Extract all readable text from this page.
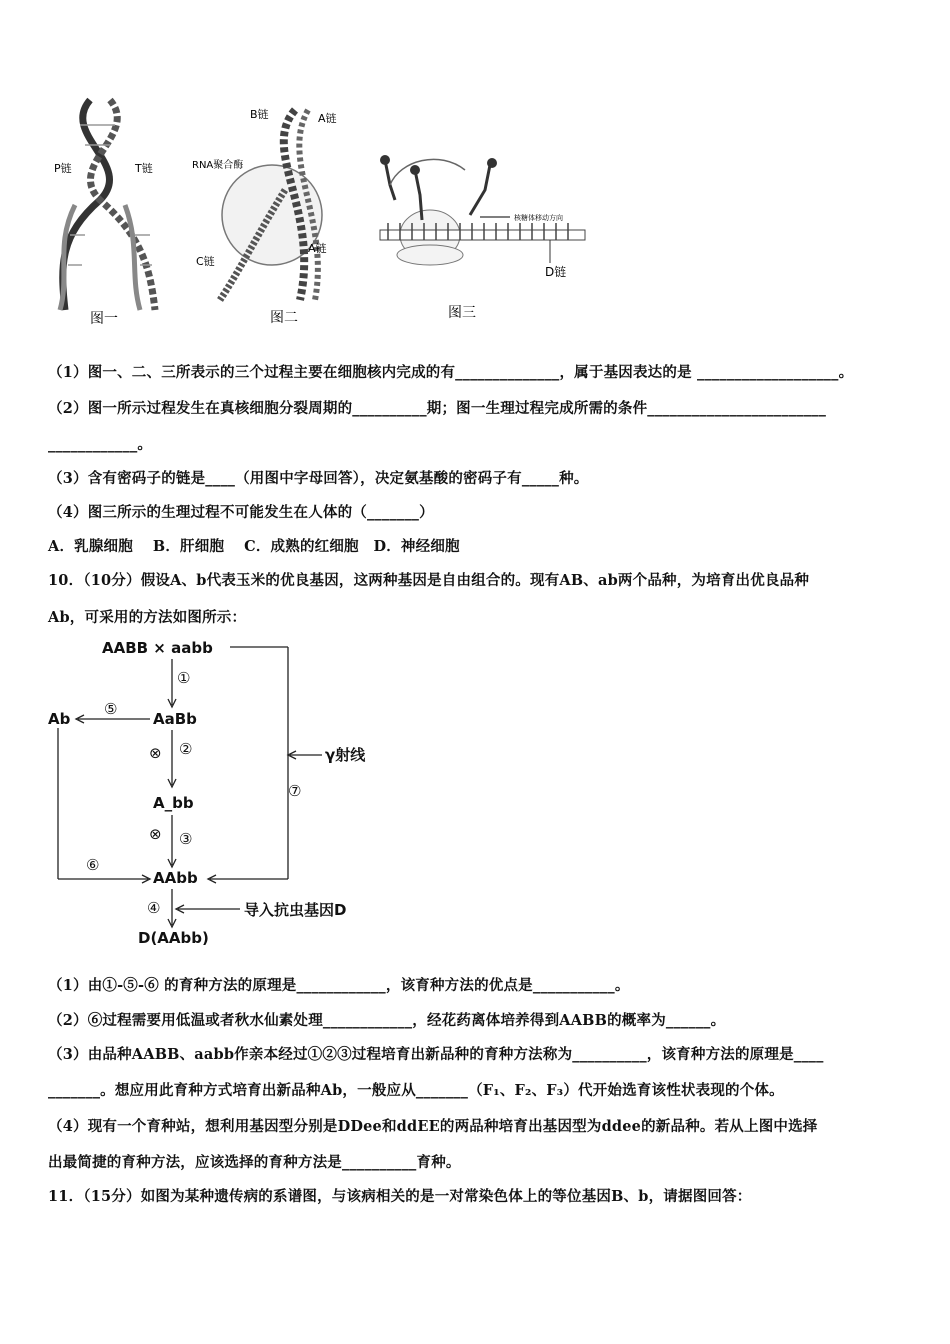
P链	T链
图一
B链	A链
RNA聚合酶
C链
A链
图二
核糖体移动方向
D链
图三
（1）图一、二、三所表示的三个过程主要在细胞核内完成的有______________，属于基因表达的是 ___________________。
（2）图一所示过程发生在真核细胞分裂周期的__________期；图一生理过程完成所需的条件________________________
____________。
（3）含有密码子的链是____（用图中字母回答），决定氨基酸的密码子有_____种。
（4）图三所示的生理过程不可能发生在人体的（_______）
A．乳腺细胞　 B．肝细胞　 C．成熟的红细胞　D．神经细胞
10．（10分）假设A、b代表玉米的优良基因，这两种基因是自由组合的。现有AB、ab两个品种，为培育出优良品种
Ab，可采用的方法如图所示：
AABB × aabb
①
AaBb
Ab
⑤
⊗ ②	γ射线
⑦
A_bb
⊗ ③
⑥
AAbb
④	导入抗虫基因D
D(AAbb)
（1）由①-⑤-⑥ 的育种方法的原理是____________，该育种方法的优点是___________。
（2）⑥过程需要用低温或者秋水仙素处理____________，经花药离体培养得到AABB的概率为______。
（3）由品种AABB、aabb作亲本经过①②③过程培育出新品种的育种方法称为__________，该育种方法的原理是____
_______。想应用此育种方式培育出新品种Ab，一般应从_______（F₁、F₂、F₃）代开始选育该性状表现的个体。
（4）现有一个育种站，想利用基因型分别是DDee和ddEE的两品种培育出基因型为ddee的新品种。若从上图中选择
出最简捷的育种方法，应该选择的育种方法是__________育种。
11．（15分）如图为某种遗传病的系谱图，与该病相关的是一对常染色体上的等位基因B、b，请据图回答：
